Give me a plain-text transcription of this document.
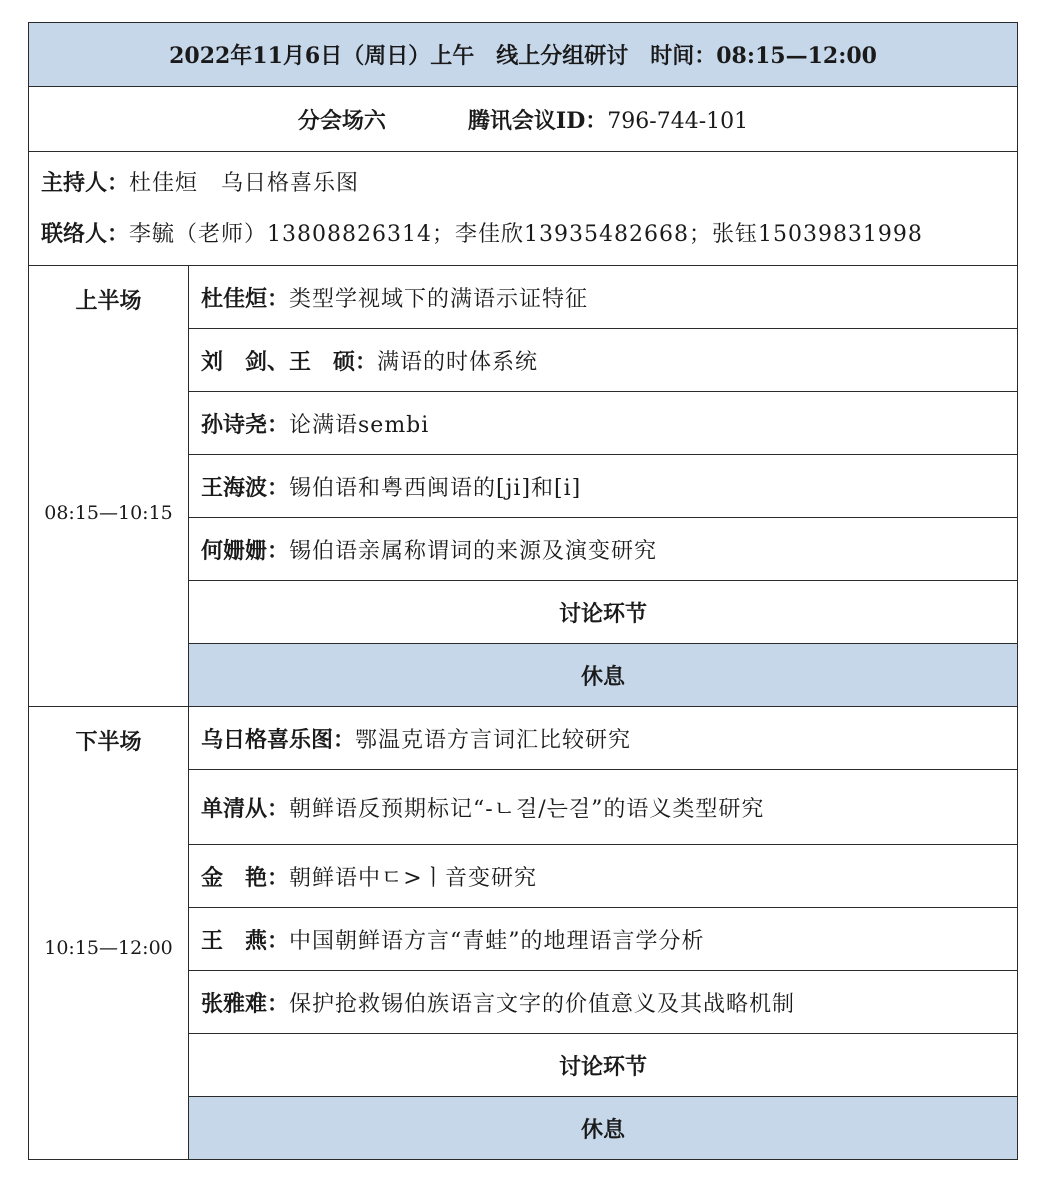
2022年11月6日（周日）上午　线上分组研讨　时间：08:15—12:00	
分会场六 腾讯会议ID：796-744-101	

主持人：杜佳烜　乌日格喜乐图
联络人：李毓（老师）13808826314；李佳欣13935482668；张钰15039831998	

上半场
08:15—10:15	杜佳烜：类型学视域下的满语示证特征
	刘　剑、王　硕：满语的时体系统
	孙诗尧：论满语sembi
	王海波：锡伯语和粤西闽语的[ji]和[i]
	何姗姗：锡伯语亲属称谓词的来源及演变研究
	讨论环节
	休息

下半场
10:15—12:00	乌日格喜乐图：鄂温克语方言词汇比较研究
	单清从：朝鲜语反预期标记“-ㄴ걸/는걸”的语义类型研究
	金　艳：朝鲜语中ㄷ>ㅣ音变研究
	王　燕：中国朝鲜语方言“青蛙”的地理语言学分析
	张雅难：保护抢救锡伯族语言文字的价值意义及其战略机制
	讨论环节
	休息
